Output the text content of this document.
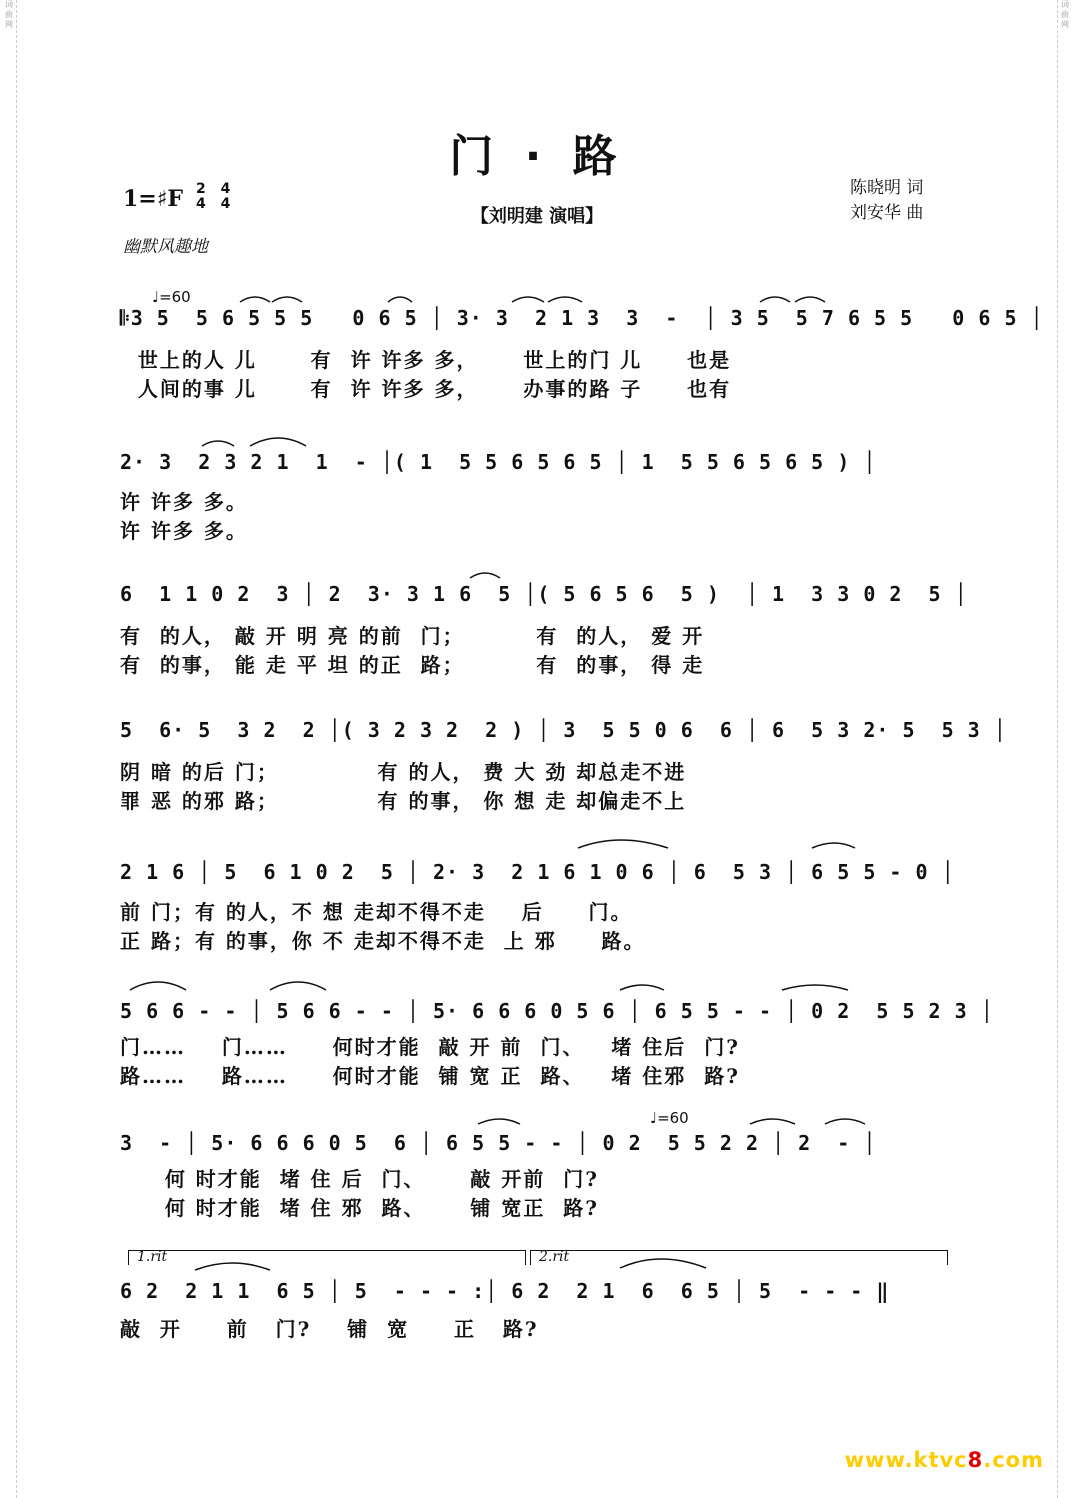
词曲网
词曲网
门 · 路
1=♯F 2
4 4
4
幽默风趣地
【刘明建 演唱】
陈晓明 词
刘安华 曲
♩=60
♩=60
𝄆3 5  5 6 5 5 5   0 6 5 │ 3· 3  2 1 3  3  -  │ 3 5  5 7 6 5 5   0 6 5 │
世上的人 儿      有  许 许多 多，     世上的门 儿     也是
人间的事 儿      有  许 许多 多，     办事的路 子     也有
2· 3  2 3 2 1  1  - │( 1  5 5 6 5 6 5 │ 1  5 5 6 5 6 5 ) │
许 许多 多。
许 许多 多。
6  1 1 0 2  3 │ 2  3· 3 1 6  5 │( 5 6 5 6  5 )  │ 1  3 3 0 2  5 │
有  的人， 敲 开 明 亮 的前  门；        有  的人， 爱 开
有  的事， 能 走 平 坦 的正  路；        有  的事， 得 走
5  6· 5  3 2  2 │( 3 2 3 2  2 ) │ 3  5 5 0 6  6 │ 6  5 3 2· 5  5 3 │
阴 暗 的后 门；           有 的人， 费 大 劲 却总走不进
罪 恶 的邪 路；           有 的事， 你 想 走 却偏走不上
2 1 6 │ 5  6 1 0 2  5 │ 2· 3  2 1 6 1 0 6 │ 6  5 3 │ 6 5 5 - 0 │
前 门；有 的人，不 想 走却不得不走    后     门。
正 路；有 的事，你 不 走却不得不走  上 邪     路。
5 6 6 - - │ 5 6 6 - - │ 5· 6 6 6 0 5 6 │ 6 5 5 - - │ 0 2  5 5 2 3 │
门……    门……     何时才能  敲 开 前  门、   堵 住后  门?
路……    路……     何时才能  铺 宽 正  路、   堵 住邪  路?
3  - │ 5· 6 6 6 0 5  6 │ 6 5 5 - - │ 0 2  5 5 2 2 │ 2  - │
何 时才能  堵 住 后  门、     敲 开前  门?
何 时才能  堵 住 邪  路、     铺 宽正  路?
1.rit	2.rit
6 2  2 1 1  6 5 │ 5  - - - :│ 6 2  2 1  6  6 5 │ 5  - - - ‖
敲  开     前   门?    铺  宽     正   路?
www.ktvc8.com
